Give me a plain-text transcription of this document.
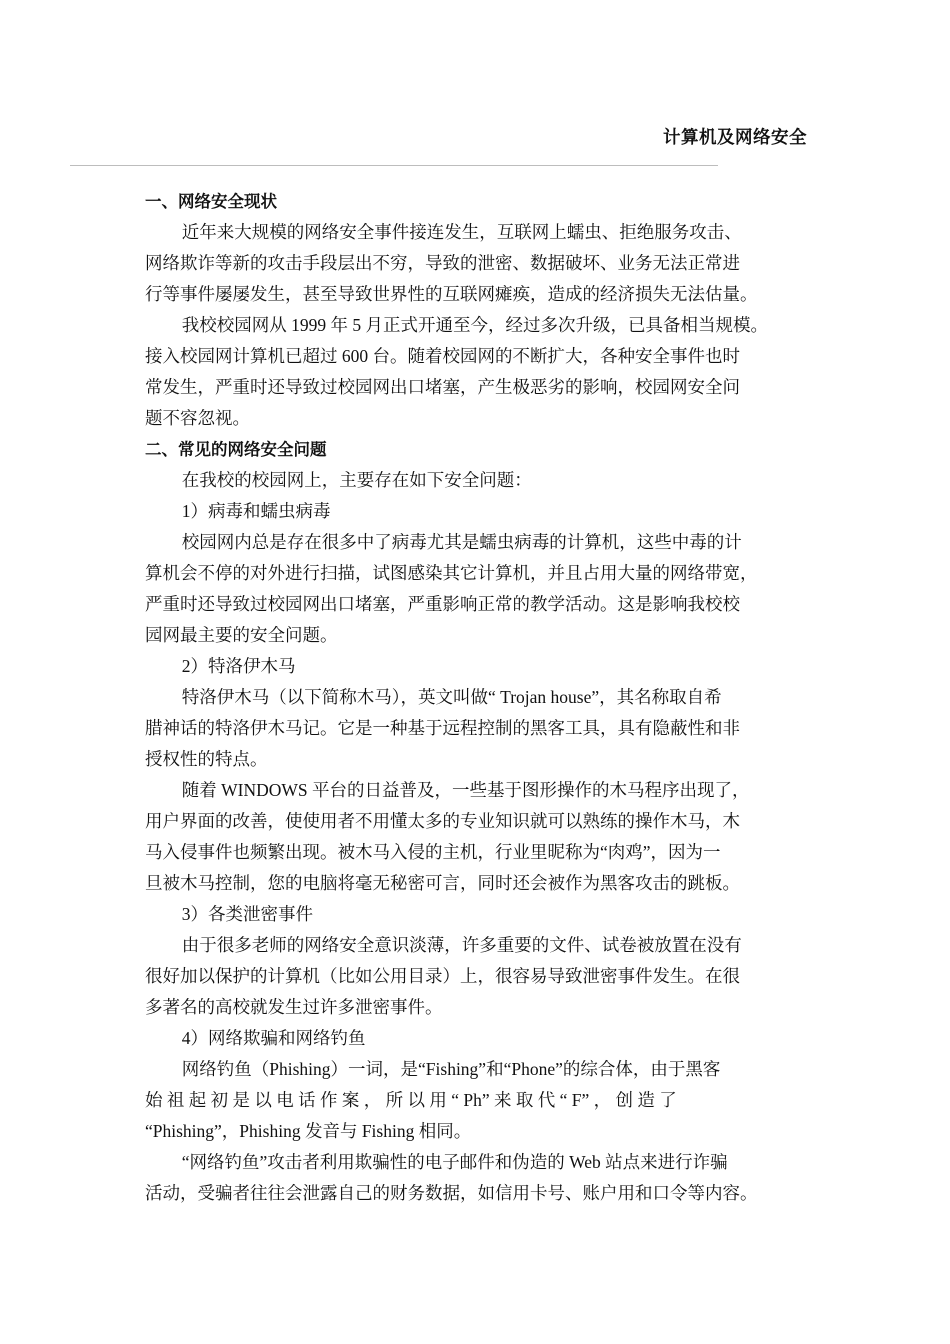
计算机及网络安全
一、网络安全现状
近年来大规模的网络安全事件接连发生，互联网上蠕虫、拒绝服务攻击、
网络欺诈等新的攻击手段层出不穷，导致的泄密、数据破坏、业务无法正常进
行等事件屡屡发生，甚至导致世界性的互联网瘫痪，造成的经济损失无法估量。
我校校园网从 1999 年 5 月正式开通至今，经过多次升级，已具备相当规模。
接入校园网计算机已超过 600 台。随着校园网的不断扩大，各种安全事件也时
常发生，严重时还导致过校园网出口堵塞，产生极恶劣的影响，校园网安全问
题不容忽视。
二、常见的网络安全问题
在我校的校园网上，主要存在如下安全问题：
1）病毒和蠕虫病毒
校园网内总是存在很多中了病毒尤其是蠕虫病毒的计算机，这些中毒的计
算机会不停的对外进行扫描，试图感染其它计算机，并且占用大量的网络带宽，
严重时还导致过校园网出口堵塞，严重影响正常的教学活动。这是影响我校校
园网最主要的安全问题。
2）特洛伊木马
特洛伊木马（以下简称木马），英文叫做“ Trojan house”，其名称取自希
腊神话的特洛伊木马记。它是一种基于远程控制的黑客工具，具有隐蔽性和非
授权性的特点。
随着 WINDOWS 平台的日益普及，一些基于图形操作的木马程序出现了，
用户界面的改善，使使用者不用懂太多的专业知识就可以熟练的操作木马，木
马入侵事件也频繁出现。被木马入侵的主机，行业里昵称为“肉鸡”，因为一
旦被木马控制，您的电脑将毫无秘密可言，同时还会被作为黑客攻击的跳板。
3）各类泄密事件
由于很多老师的网络安全意识淡薄，许多重要的文件、试卷被放置在没有
很好加以保护的计算机（比如公用目录）上，很容易导致泄密事件发生。在很
多著名的高校就发生过许多泄密事件。
4）网络欺骗和网络钓鱼
网络钓鱼（Phishing）一词，是“Fishing”和“Phone”的综合体，由于黑客
始 祖 起 初 是 以 电 话 作 案 ， 所 以 用 “ Ph” 来 取 代 “ F” ， 创 造 了
“Phishing”，Phishing 发音与 Fishing 相同。
“网络钓鱼”攻击者利用欺骗性的电子邮件和伪造的 Web 站点来进行诈骗
活动，受骗者往往会泄露自己的财务数据，如信用卡号、账户用和口令等内容。
